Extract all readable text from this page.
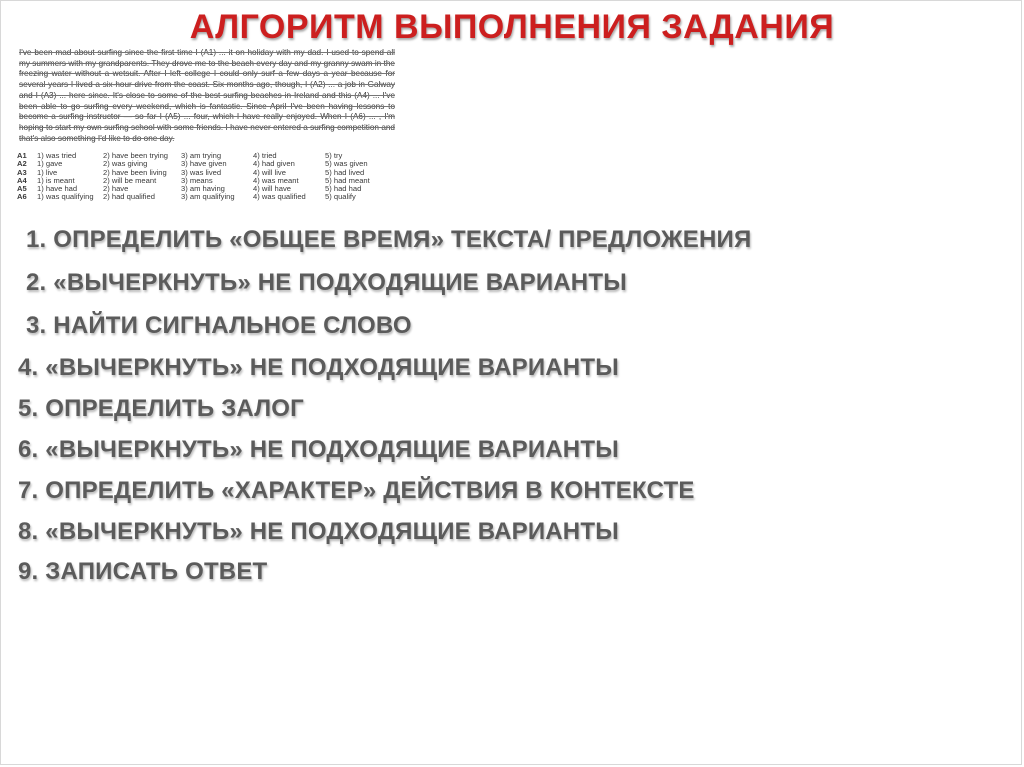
АЛГОРИТМ ВЫПОЛНЕНИЯ ЗАДАНИЯ
I've been mad about surfing since the first time I (A1) ... it on holiday with my dad. I used to spend all my summers with my grandparents. They drove me to the beach every day and my granny swam in the freezing water without a wetsuit. After I left college I could only surf a few days a year because for several years I lived a six-hour drive from the coast. Six months ago, though, I (A2) ... a job in Galway and I (A3) ... here since. It's close to some of the best surfing beaches in Ireland and this (A4) ... I've been able to go surfing every weekend, which is fantastic. Since April I've been having lessons to become a surfing instructor — so far I (A5) ... four, which I have really enjoyed. When I (A6) ... , I'm hoping to start my own surfing school with some friends. I have never entered a surfing competition and that's also something I'd like to do one day.
A1	1) was tried	2) have been trying	3) am trying	4) tried	5) try
A2	1) gave	2) was giving	3) have given	4) had given	5) was given
A3	1) live	2) have been living	3) was lived	4) will live	5) had lived
A4	1) is meant	2) will be meant	3) means	4) was meant	5) had meant
A5	1) have had	2) have	3) am having	4) will have	5) had had
A6	1) was qualifying	2) had qualified	3) am qualifying	4) was qualified	5) qualify
1. ОПРЕДЕЛИТЬ «ОБЩЕЕ ВРЕМЯ» ТЕКСТА/ ПРЕДЛОЖЕНИЯ
2. «ВЫЧЕРКНУТЬ» НЕ ПОДХОДЯЩИЕ ВАРИАНТЫ
3. НАЙТИ СИГНАЛЬНОЕ СЛОВО
4. «ВЫЧЕРКНУТЬ» НЕ ПОДХОДЯЩИЕ ВАРИАНТЫ
5. ОПРЕДЕЛИТЬ ЗАЛОГ
6. «ВЫЧЕРКНУТЬ» НЕ ПОДХОДЯЩИЕ ВАРИАНТЫ
7. ОПРЕДЕЛИТЬ «ХАРАКТЕР» ДЕЙСТВИЯ В КОНТЕКСТЕ
8. «ВЫЧЕРКНУТЬ» НЕ ПОДХОДЯЩИЕ ВАРИАНТЫ
9. ЗАПИСАТЬ ОТВЕТ
